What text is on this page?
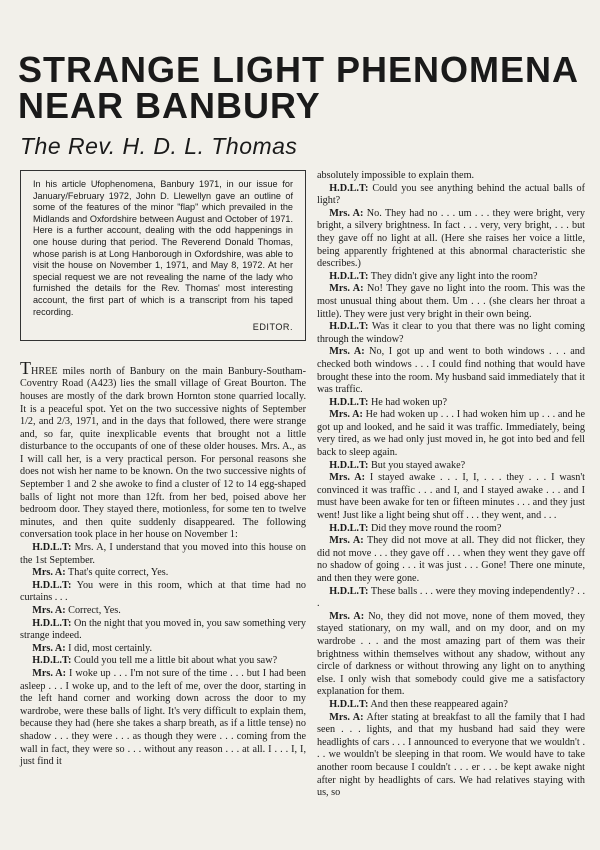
STRANGE LIGHT PHENOMENA
NEAR BANBURY
The Rev. H. D. L. Thomas

In his article Ufophenomena, Banbury 1971, in our issue for January/February 1972, John D. Llewellyn gave an outline of some of the features of the minor "flap" which prevailed in the Midlands and Oxfordshire between August and October of 1971. Here is a further account, dealing with the odd happenings in one house during that period. The Reverend Donald Thomas, whose parish is at Long Hanborough in Oxfordshire, was able to visit the house on November 1, 1971, and May 8, 1972. At her special request we are not revealing the name of the lady who furnished the details for the Rev. Thomas' most interesting account, the first part of which is a transcript from his taped recording.

EDITOR.

THREE miles north of Banbury on the main Banbury-Southam-Coventry Road (A423) lies the small village of Great Bourton. The houses are mostly of the dark brown Hornton stone quarried locally. It is a peaceful spot. Yet on the two successive nights of September 1/2, and 2/3, 1971, and in the days that followed, there were strange and, so far, quite inexplicable events that brought not a little disturbance to the occupants of one of these older houses. Mrs. A., as I will call her, is a very practical person. For personal reasons she does not wish her name to be known. On the two successive nights of September 1 and 2 she awoke to find a cluster of 12 to 14 egg-shaped balls of light not more than 12ft. from her bed, poised above her bedroom door. They stayed there, motionless, for some ten to twelve minutes, and then quite suddenly disappeared. The following conversation took place in her house on November 1:

H.D.L.T: Mrs. A, I understand that you moved into this house on the 1st September.

Mrs. A: That's quite correct, Yes.

H.D.L.T: You were in this room, which at that time had no curtains . . .

Mrs. A: Correct, Yes.

H.D.L.T: On the night that you moved in, you saw something very strange indeed.

Mrs. A: I did, most certainly.

H.D.L.T: Could you tell me a little bit about what you saw?

Mrs. A: I woke up . . . I'm not sure of the time . . . but I had been asleep . . . I woke up, and to the left of me, over the door, starting in the left hand corner and working down across the door to my wardrobe, were these balls of light. It's very difficult to explain them, because they had (here she takes a sharp breath, as if a little tense) no shadow . . . they were . . . as though they were . . . coming from the wall in fact, they were so . . . without any reason . . . at all. I . . . I, I, just find it

absolutely impossible to explain them.

H.D.L.T: Could you see anything behind the actual balls of light?

Mrs. A: No. They had no . . . um . . . they were bright, very bright, a silvery brightness. In fact . . . very, very bright, . . . but they gave off no light at all. (Here she raises her voice a little, being apparently frightened at this abnormal characteristic she describes.)

H.D.L.T: They didn't give any light into the room?

Mrs. A: No! They gave no light into the room. This was the most unusual thing about them. Um . . . (she clears her throat a little). They were just very bright in their own being.

H.D.L.T: Was it clear to you that there was no light coming through the window?

Mrs. A: No, I got up and went to both windows . . . and checked both windows . . . I could find nothing that would have brought these into the room. My husband said immediately that it was traffic.

H.D.L.T: He had woken up?

Mrs. A: He had woken up . . . I had woken him up . . . and he got up and looked, and he said it was traffic. Immediately, being very tired, as we had only just moved in, he got into bed and fell back to sleep again.

H.D.L.T: But you stayed awake?

Mrs. A: I stayed awake . . . I, I, . . . they . . . I wasn't convinced it was traffic . . . and I, and I stayed awake . . . and I must have been awake for ten or fifteen minutes . . . and they just went! Just like a light being shut off . . . they went, and . . .

H.D.L.T: Did they move round the room?

Mrs. A: They did not move at all. They did not flicker, they did not move . . . they gave off . . . when they went they gave off no shadow of going . . . it was just . . . Gone! There one minute, and then they were gone.

H.D.L.T: These balls . . . were they moving independently? . . .

Mrs. A: No, they did not move, none of them moved, they stayed stationary, on my wall, and on my door, and on my wardrobe . . . and the most amazing part of them was their brightness within themselves without any shadow, without any circle of darkness or without throwing any light on to anything else. I only wish that somebody could give me a satisfactory explanation for them.

H.D.L.T: And then these reappeared again?

Mrs. A: After stating at breakfast to all the family that I had seen . . . lights, and that my husband had said they were headlights of cars . . . I announced to everyone that we wouldn't . . . we wouldn't be sleeping in that room. We would have to take another room because I couldn't . . . er . . . be kept awake night after night by headlights of cars. We had relatives staying with us, so
